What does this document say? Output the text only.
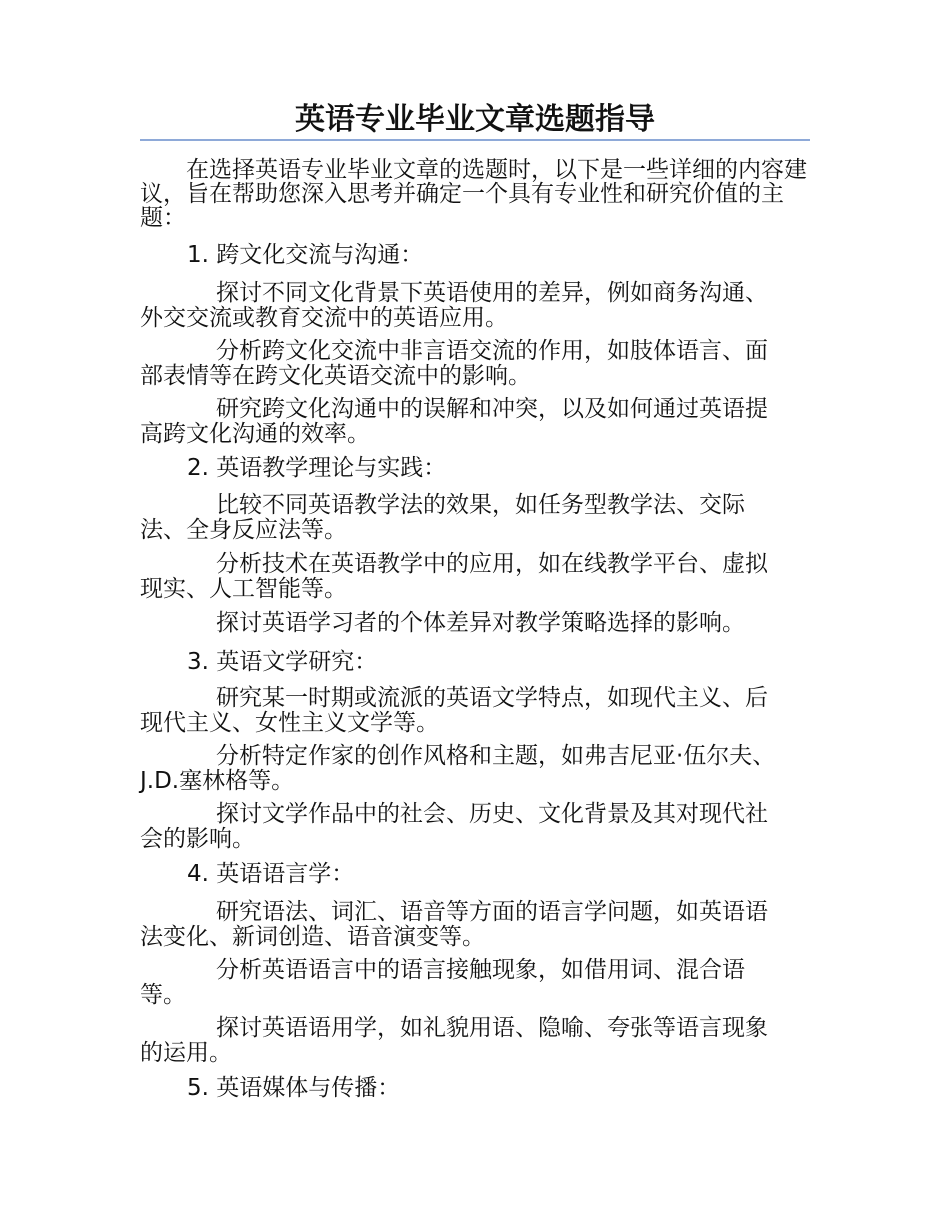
英语专业毕业文章选题指导

在选择英语专业毕业文章的选题时，以下是一些详细的内容建议，旨在帮助您深入思考并确定一个具有专业性和研究价值的主题：

1. 跨文化交流与沟通：

探讨不同文化背景下英语使用的差异，例如商务沟通、外交交流或教育交流中的英语应用。

分析跨文化交流中非言语交流的作用，如肢体语言、面部表情等在跨文化英语交流中的影响。

研究跨文化沟通中的误解和冲突，以及如何通过英语提高跨文化沟通的效率。

2. 英语教学理论与实践：

比较不同英语教学法的效果，如任务型教学法、交际法、全身反应法等。

分析技术在英语教学中的应用，如在线教学平台、虚拟现实、人工智能等。

探讨英语学习者的个体差异对教学策略选择的影响。

3. 英语文学研究：

研究某一时期或流派的英语文学特点，如现代主义、后现代主义、女性主义文学等。

分析特定作家的创作风格和主题，如弗吉尼亚·伍尔夫、J.D.塞林格等。

探讨文学作品中的社会、历史、文化背景及其对现代社会的影响。

4. 英语语言学：

研究语法、词汇、语音等方面的语言学问题，如英语语法变化、新词创造、语音演变等。

分析英语语言中的语言接触现象，如借用词、混合语等。

探讨英语语用学，如礼貌用语、隐喻、夸张等语言现象的运用。

5. 英语媒体与传播：
